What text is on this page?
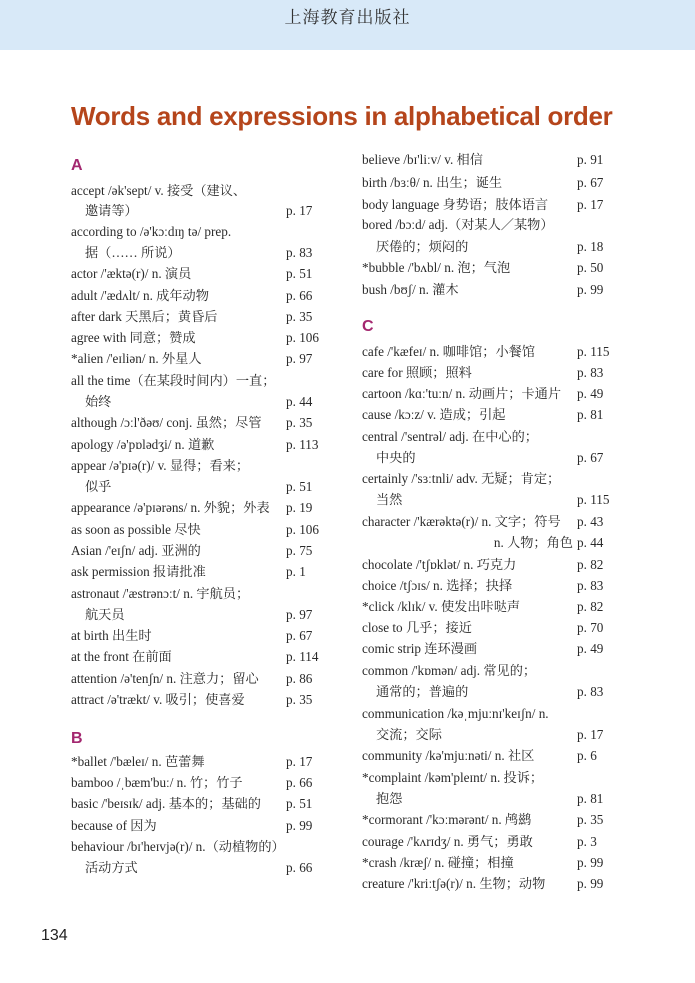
上海教育出版社
Words and expressions in alphabetical order
A
accept /ək'sept/ v. 接受（建议、
邀请等）	p. 17
according to /ə'kɔːdɪŋ tə/ prep.
据（…… 所说）	p. 83
actor /'æktə(r)/ n. 演员	p. 51
adult /'ædʌlt/ n. 成年动物	p. 66
after dark 天黑后；黄昏后	p. 35
agree with 同意；赞成	p. 106
*alien /'eɪliən/ n. 外星人	p. 97
all the time（在某段时间内）一直；
始终	p. 44
although /ɔːl'ðəʊ/ conj. 虽然；尽管 p. 35
apology /ə'pɒlədʒi/ n. 道歉	p. 113
appear /ə'pɪə(r)/ v. 显得；看来；
似乎	p. 51
appearance /ə'pɪərəns/ n. 外貌；外表 p. 19
as soon as possible 尽快	p. 106
Asian /'eɪʃn/ adj. 亚洲的	p. 75
ask permission 报请批准	p. 1
astronaut /'æstrənɔːt/ n. 宇航员；
航天员	p. 97
at birth 出生时	p. 67
at the front 在前面	p. 114
attention /ə'tenʃn/ n. 注意力；留心 p. 86
attract /ə'trækt/ v. 吸引；使喜爱	p. 35
B
*ballet /'bæleɪ/ n. 芭蕾舞	p. 17
bamboo /ˌbæm'buː/ n. 竹；竹子	p. 66
basic /'beɪsɪk/ adj. 基本的；基础的 p. 51
because of 因为	p. 99
behaviour /bɪ'heɪvjə(r)/ n.（动植物的）
活动方式	p. 66
believe /bɪ'liːv/ v. 相信	p. 91
birth /bɜːθ/ n. 出生；诞生	p. 67
body language 身势语；肢体语言 p. 17
bored /bɔːd/ adj.（对某人／某物）
厌倦的；烦闷的	p. 18
*bubble /'bʌbl/ n. 泡；气泡	p. 50
bush /bʊʃ/ n. 灌木	p. 99
C
cafe /'kæfeɪ/ n. 咖啡馆；小餐馆	p. 115
care for 照顾；照料	p. 83
cartoon /kɑː'tuːn/ n. 动画片；卡通片 p. 49
cause /kɔːz/ v. 造成；引起	p. 81
central /'sentrəl/ adj. 在中心的；
中央的	p. 67
certainly /'sɜːtnli/ adv. 无疑；肯定；
当然	p. 115
character /'kærəktə(r)/ n. 文字；符号 p. 43
n. 人物；角色 p. 44
chocolate /'tʃɒklət/ n. 巧克力	p. 82
choice /tʃɔɪs/ n. 选择；抉择	p. 83
*click /klɪk/ v. 使发出咔哒声	p. 82
close to 几乎；接近	p. 70
comic strip 连环漫画	p. 49
common /'kɒmən/ adj. 常见的；
通常的；普遍的	p. 83
communication /kəˌmjuːnɪ'keɪʃn/ n.
交流；交际	p. 17
community /kə'mjuːnəti/ n. 社区	p. 6
*complaint /kəm'pleɪnt/ n. 投诉；
抱怨	p. 81
*cormorant /'kɔːmərənt/ n. 鸬鹚	p. 35
courage /'kʌrɪdʒ/ n. 勇气；勇敢	p. 3
*crash /kræʃ/ n. 碰撞；相撞	p. 99
creature /'kriːtʃə(r)/ n. 生物；动物 p. 99
134
